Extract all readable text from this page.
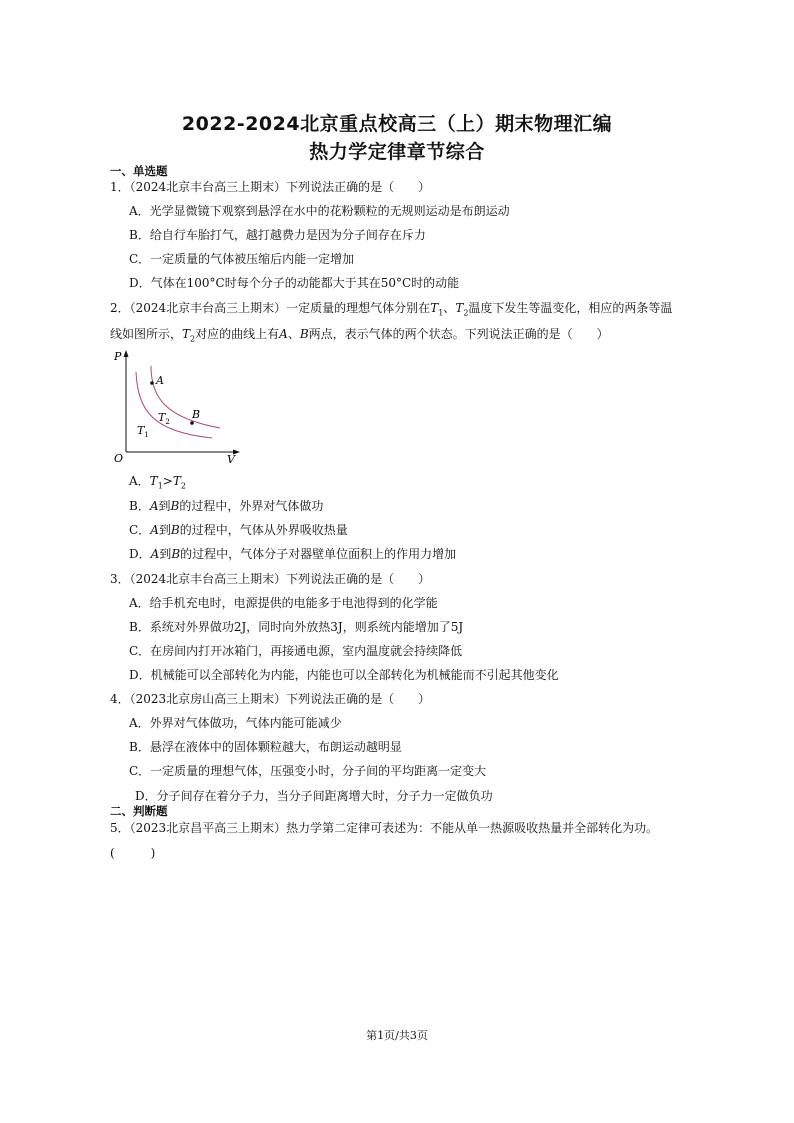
2022-2024北京重点校高三（上）期末物理汇编
热力学定律章节综合
一、单选题
1．（2024北京丰台高三上期末）下列说法正确的是（　　）
A．光学显微镜下观察到悬浮在水中的花粉颗粒的无规则运动是布朗运动
B．给自行车胎打气，越打越费力是因为分子间存在斥力
C．一定质量的气体被压缩后内能一定增加
D．气体在100°C时每个分子的动能都大于其在50°C时的动能
2．（2024北京丰台高三上期末）一定质量的理想气体分别在$T_1$、$T_2$温度下发生等温变化，相应的两条等温
线如图所示，$T_2$对应的曲线上有A、B两点，表示气体的两个状态。下列说法正确的是（　　）
P
V
O
A
B
$T_2$
$T_1$
A．$T_1>T_2$
B．A到B的过程中，外界对气体做功
C．A到B的过程中，气体从外界吸收热量
D．A到B的过程中，气体分子对器壁单位面积上的作用力增加
3．（2024北京丰台高三上期末）下列说法正确的是（　　）
A．给手机充电时，电源提供的电能多于电池得到的化学能
B．系统对外界做功2J，同时向外放热3J，则系统内能增加了5J
C．在房间内打开冰箱门，再接通电源，室内温度就会持续降低
D．机械能可以全部转化为内能，内能也可以全部转化为机械能而不引起其他变化
4．（2023北京房山高三上期末）下列说法正确的是（　　）
A．外界对气体做功，气体内能可能减少
B．悬浮在液体中的固体颗粒越大，布朗运动越明显
C．一定质量的理想气体，压强变小时，分子间的平均距离一定变大
D．分子间存在着分子力，当分子间距离增大时，分子力一定做负功
二、判断题
5．（2023北京昌平高三上期末）热力学第二定律可表述为：不能从单一热源吸收热量并全部转化为功。
(　　　)
第1页/共3页
